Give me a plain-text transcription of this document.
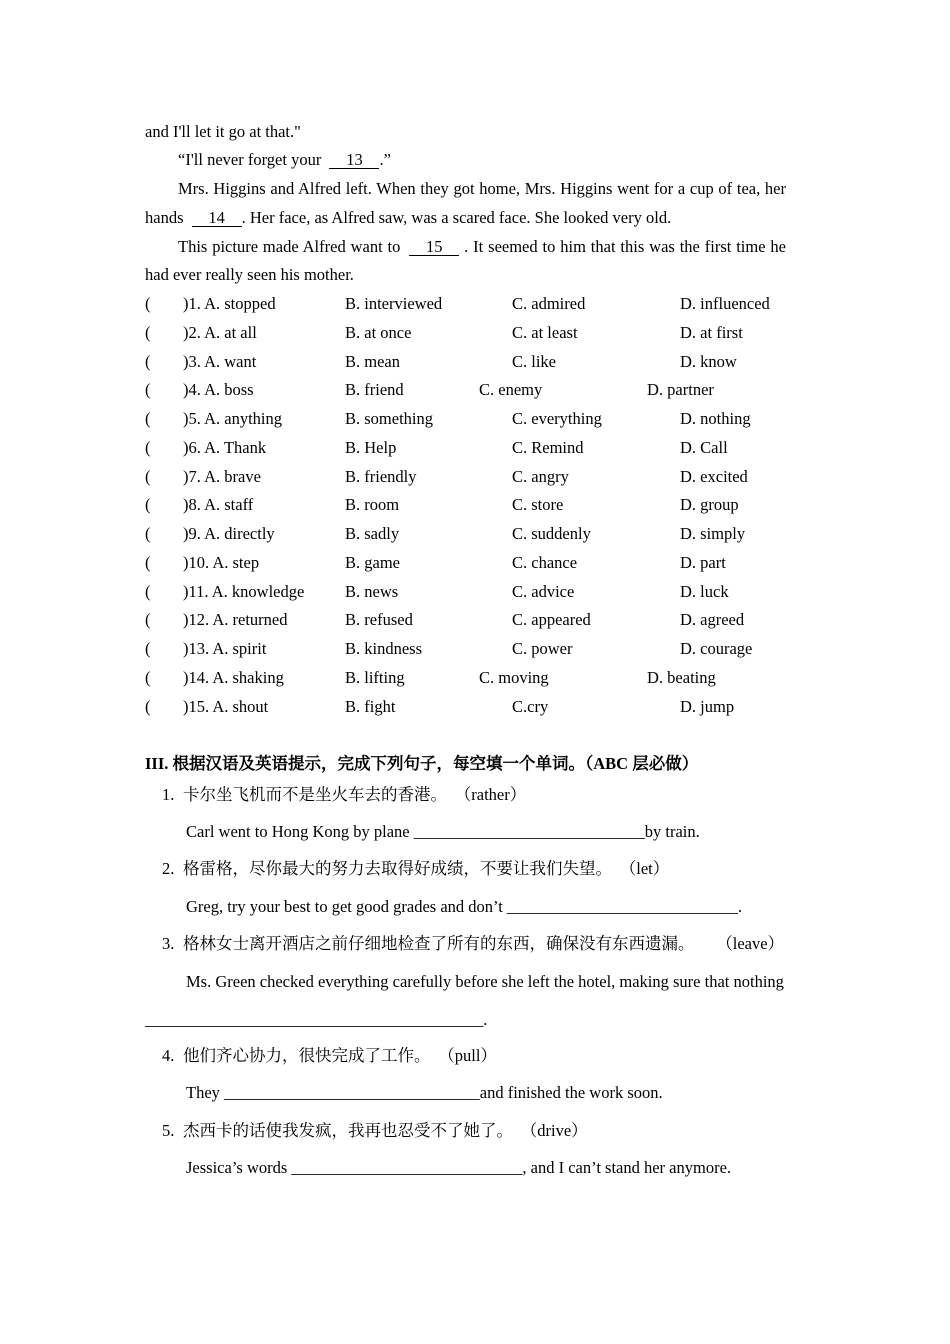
and I'll let it go at that."
“I'll never forget your 13 .”
Mrs. Higgins and Alfred left. When they got home, Mrs. Higgins went for a cup of tea, her
hands 14 . Her face, as Alfred saw, was a scared face. She looked very old.
This picture made Alfred want to 15 . It seemed to him that this was the first time he
had ever really seen his mother.
( )1. A. stopped	B. interviewed	C. admired	D. influenced
( )2. A. at all	B. at once	C. at least	D. at first
( )3. A. want	B. mean	C. like	D. know
( )4. A. boss	B. friend	C. enemy	D. partner
( )5. A. anything	B. something	C. everything	D. nothing
( )6. A. Thank	B. Help	C. Remind	D. Call
( )7. A. brave	B. friendly	C. angry	D. excited
( )8. A. staff	B. room	C. store	D. group
( )9. A. directly	B. sadly	C. suddenly	D. simply
( )10. A. step	B. game	C. chance	D. part
( )11. A. knowledge B. news	C. advice	D. luck
( )12. A. returned	B. refused	C. appeared	D. agreed
( )13. A. spirit	B. kindness	C. power	D. courage
( )14. A. shaking	B. lifting	C. moving	D. beating
( )15. A. shout	B. fight	C.cry	D. jump
III. 根据汉语及英语提示，完成下列句子，每空填一个单词。（ABC 层必做）
1. 卡尔坐飞机而不是坐火车去的香港。 （rather）
Carl went to Hong Kong by plane ____________________________by train.
2. 格雷格，尽你最大的努力去取得好成绩，不要让我们失望。 （let）
Greg, try your best to get good grades and don’t ____________________________.
3. 格林女士离开酒店之前仔细地检查了所有的东西，确保没有东西遗漏。 （leave）
Ms. Green checked everything carefully before she left the hotel, making sure that nothing
_________________________________________.
4. 他们齐心协力，很快完成了工作。 （pull）
They _______________________________and finished the work soon.
5. 杰西卡的话使我发疯，我再也忍受不了她了。 （drive）
Jessica’s words ____________________________, and I can’t stand her anymore.
